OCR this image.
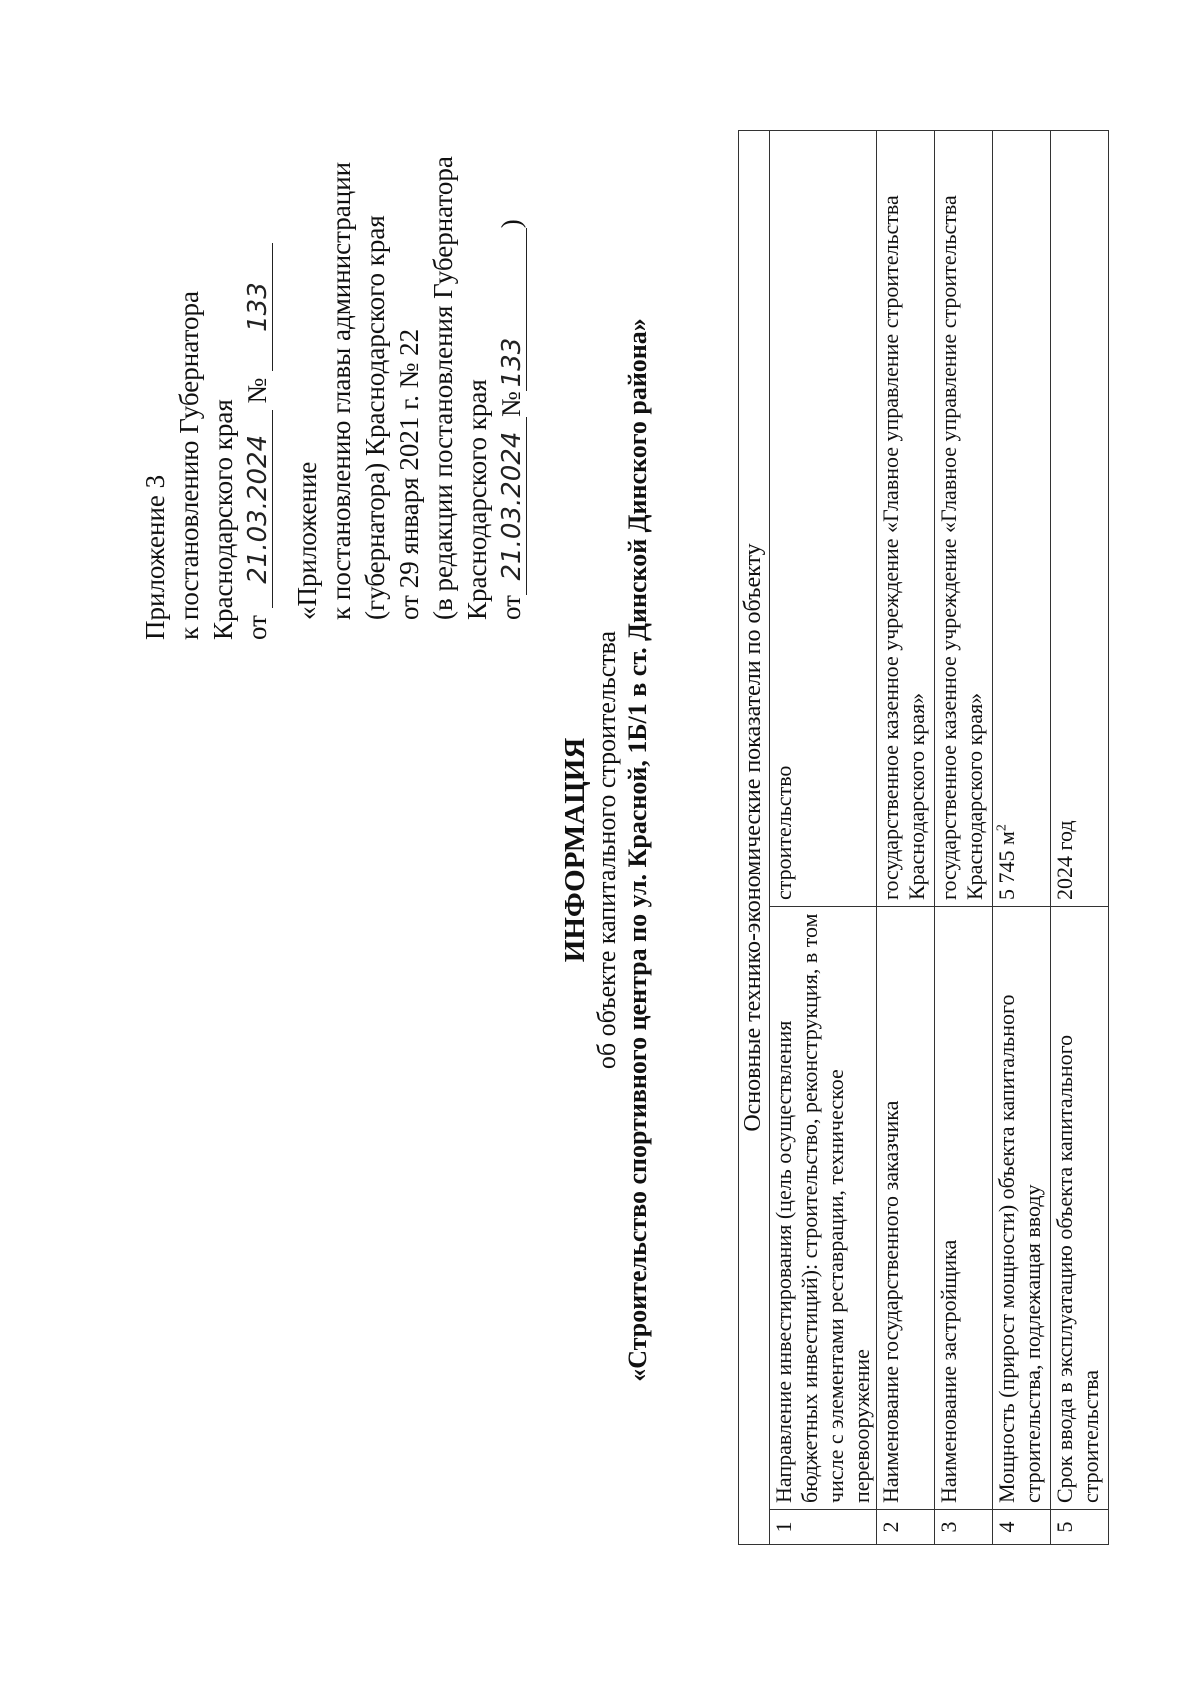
Приложение 3 к постановлению Губернатора Краснодарского края от 21.03.2024 № 133
«Приложение к постановлению главы администрации (губернатора) Краснодарского края от 29 января 2021 г. № 22 (в редакции постановления Губернатора Краснодарского края от21.03.2024№133)
ИНФОРМАЦИЯ об объекте капитального строительства «Строительство спортивного центра по ул. Красной, 1Б/1 в ст. Динской Динского района»	Основные технико-экономические показатели по объекту		
1	Направление инвестирования (цель осуществления бюджетных инвестиций): строительство, реконструкция, в том числе с элементами реставрации, техническое перевооружение	строительство
2	Наименование государственного заказчика	государственное казенное учреждение «Главное управление строительства Краснодарского края»
3	Наименование застройщика	государственное казенное учреждение «Главное управление строительства Краснодарского края»
4	Мощность (прирост мощности) объекта капитального строительства, подлежащая вводу	5 745 $м^2$
5	Срок ввода в эксплуатацию объекта капитального строительства	2024 год
